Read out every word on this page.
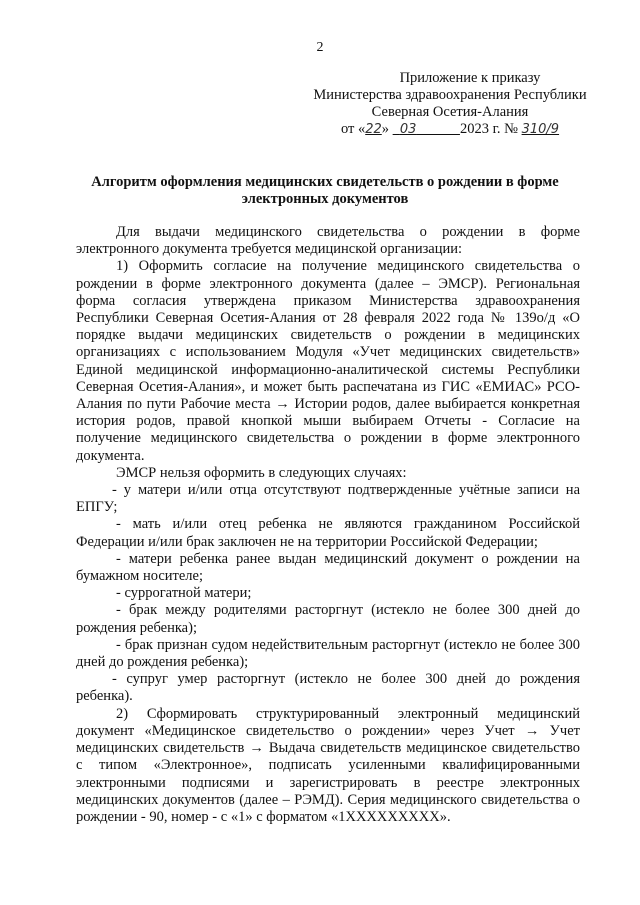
2
Приложение к приказу
Министерства здравоохранения Республики
Северная Осетия-Алания
от «22»   03	2023 г. № 310/9
Алгоритм оформления медицинских свидетельств о рождении в форме электронных документов

Для выдачи медицинского свидетельства о рождении в форме электронного документа требуется медицинской организации:

1) Оформить согласие на получение медицинского свидетельства о рождении в форме электронного документа (далее – ЭМСР). Региональная форма согласия утверждена приказом Министерства здравоохранения Республики Северная Осетия-Алания от 28 февраля 2022 года № 139о/д «О порядке выдачи медицинских свидетельств о рождении в медицинских организациях с использованием Модуля «Учет медицинских свидетельств» Единой медицинской информационно-аналитической системы Республики Северная Осетия-Алания», и может быть распечатана из ГИС «ЕМИАС» РСО-Алания по пути Рабочие места → Истории родов, далее выбирается конкретная история родов, правой кнопкой мыши выбираем Отчеты - Согласие на получение медицинского свидетельства о рождении в форме электронного документа.

ЭМСР нельзя оформить в следующих случаях:

- у матери и/или отца отсутствуют подтвержденные учётные записи на ЕПГУ;

- мать и/или отец ребенка не являются гражданином Российской Федерации и/или брак заключен не на территории Российской Федерации;

- матери ребенка ранее выдан медицинский документ о рождении на бумажном носителе;

- суррогатной матери;

- брак между родителями расторгнут (истекло не более 300 дней до рождения ребенка);

- брак признан судом недействительным расторгнут (истекло не более 300 дней до рождения ребенка);

- супруг умер расторгнут (истекло не более 300 дней до рождения ребенка).

2) Сформировать структурированный электронный медицинский документ «Медицинское свидетельство о рождении» через Учет → Учет медицинских свидетельств → Выдача свидетельств медицинское свидетельство с типом «Электронное», подписать усиленными квалифицированными электронными подписями и зарегистрировать в реестре электронных медицинских документов (далее – РЭМД). Серия медицинского свидетельства о рождении - 90, номер - с «1» с форматом «1XXXXXXXXX».
